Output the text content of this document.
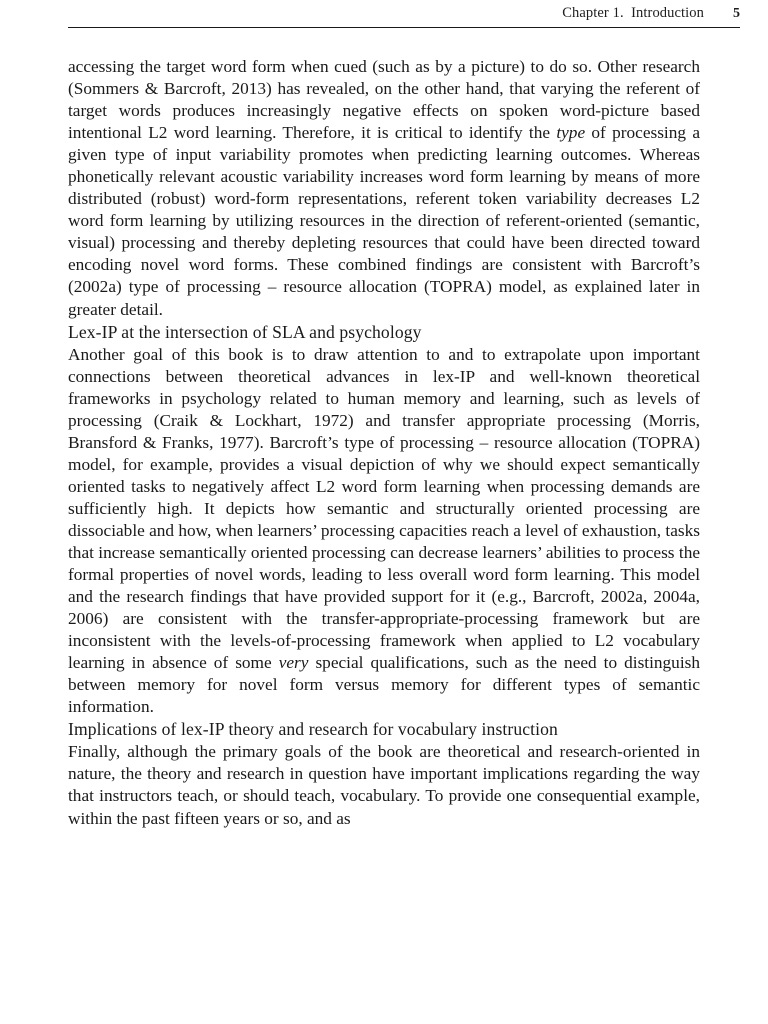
Chapter 1.  Introduction 5

accessing the target word form when cued (such as by a picture) to do so. Other research (Sommers & Barcroft, 2013) has revealed, on the other hand, that varying the referent of target words produces increasingly negative effects on spoken word-picture based intentional L2 word learning. Therefore, it is critical to identify the type of processing a given type of input variability promotes when predicting learning outcomes. Whereas phonetically relevant acoustic variability increases word form learning by means of more distributed (robust) word-form representations, referent token variability decreases L2 word form learning by utilizing resources in the direction of referent-oriented (semantic, visual) processing and thereby depleting resources that could have been directed toward encoding novel word forms. These combined findings are consistent with Barcroft’s (2002a) type of processing – resource allocation (TOPRA) model, as explained later in greater detail.

Lex-IP at the intersection of SLA and psychology

Another goal of this book is to draw attention to and to extrapolate upon important connections between theoretical advances in lex-IP and well-known theoretical frameworks in psychology related to human memory and learning, such as levels of processing (Craik & Lockhart, 1972) and transfer appropriate processing (Morris, Bransford & Franks, 1977). Barcroft’s type of processing – resource allocation (TOPRA) model, for example, provides a visual depiction of why we should expect semantically oriented tasks to negatively affect L2 word form learning when processing demands are sufficiently high. It depicts how semantic and structurally oriented processing are dissociable and how, when learners’ processing capacities reach a level of exhaustion, tasks that increase semantically oriented processing can decrease learners’ abilities to process the formal properties of novel words, leading to less overall word form learning. This model and the research findings that have provided support for it (e.g., Barcroft, 2002a, 2004a, 2006) are consistent with the transfer-appropriate-processing framework but are inconsistent with the levels-of-processing framework when applied to L2 vocabulary learning in absence of some very special qualifications, such as the need to distinguish between memory for novel form versus memory for different types of semantic information.

Implications of lex-IP theory and research for vocabulary instruction

Finally, although the primary goals of the book are theoretical and research-oriented in nature, the theory and research in question have important implications regarding the way that instructors teach, or should teach, vocabulary. To provide one consequential example, within the past fifteen years or so, and as
